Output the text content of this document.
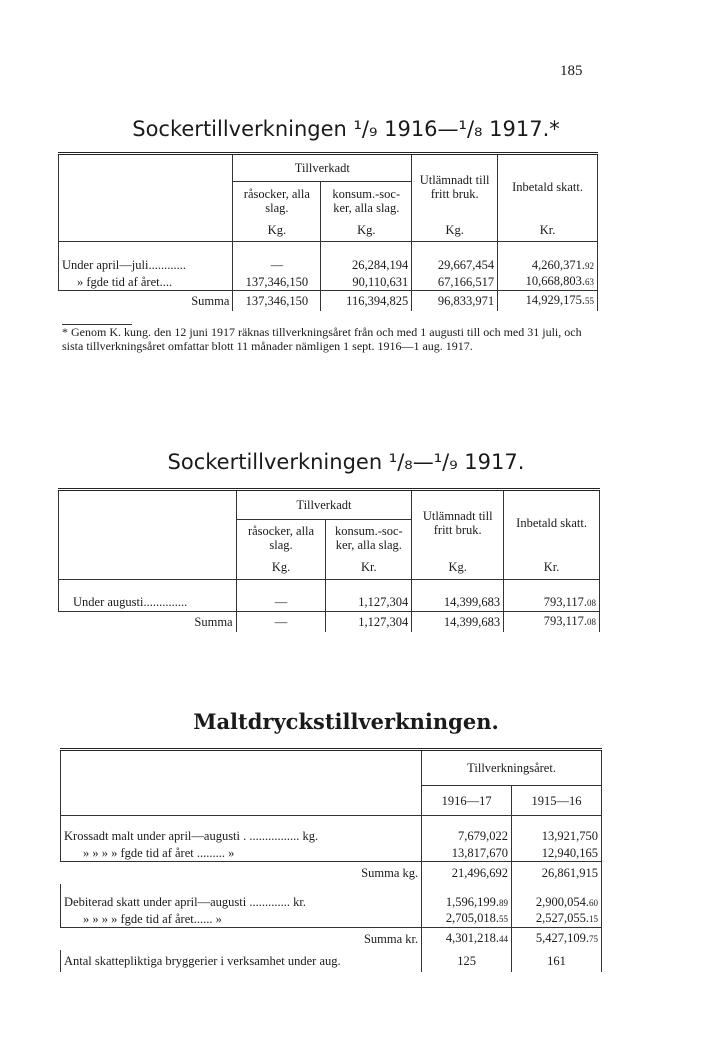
185
Sockertillverkningen ¹/₉ 1916—¹/₈ 1917.*
	Tillverkadt		Utlämnadt till fritt bruk.	Inbetald skatt.
	råsocker, alla slag.	konsum.-soc- ker, alla slag.		
	Kg.	Kg.	Kg.	Kr.

Under april—juli............	—	26,284,194	29,667,454	4,260,371.92
» fgde tid af året....	137,346,150	90,110,631	67,166,517	10,668,803.63
Summa	137,346,150	116,394,825	96,833,971	14,929,175.55
* Genom K. kung. den 12 juni 1917 räknas tillverkningsåret från och med 1 augusti till och med 31 juli, och sista tillverkningsåret omfattar blott 11 månader nämligen 1 sept. 1916—1 aug. 1917.
Sockertillverkningen ¹/₈—¹/₉ 1917.
	Tillverkadt		Utlämnadt till fritt bruk.	Inbetald skatt.
	råsocker, alla slag.	konsum.-soc- ker, alla slag.		
	Kg.	Kr.	Kg.	Kr.

Under augusti..............	—	1,127,304	14,399,683	793,117.08
Summa	—	1,127,304	14,399,683	793,117.08
Maltdryckstillverkningen.
	Tillverkningsåret.	
	1916—17	1915—16

Krossadt malt under april—augusti . ................ kg.	7,679,022	13,921,750
» » » » fgde tid af året ......... »	13,817,670	12,940,165
Summa kg.	21,496,692	26,861,915

Debiterad skatt under april—augusti ............. kr.	1,596,199.89	2,900,054.60
» » » » fgde tid af året...... »	2,705,018.55	2,527,055.15
Summa kr.	4,301,218.44	5,427,109.75
Antal skattepliktiga bryggerier i verksamhet under aug.	125	161
